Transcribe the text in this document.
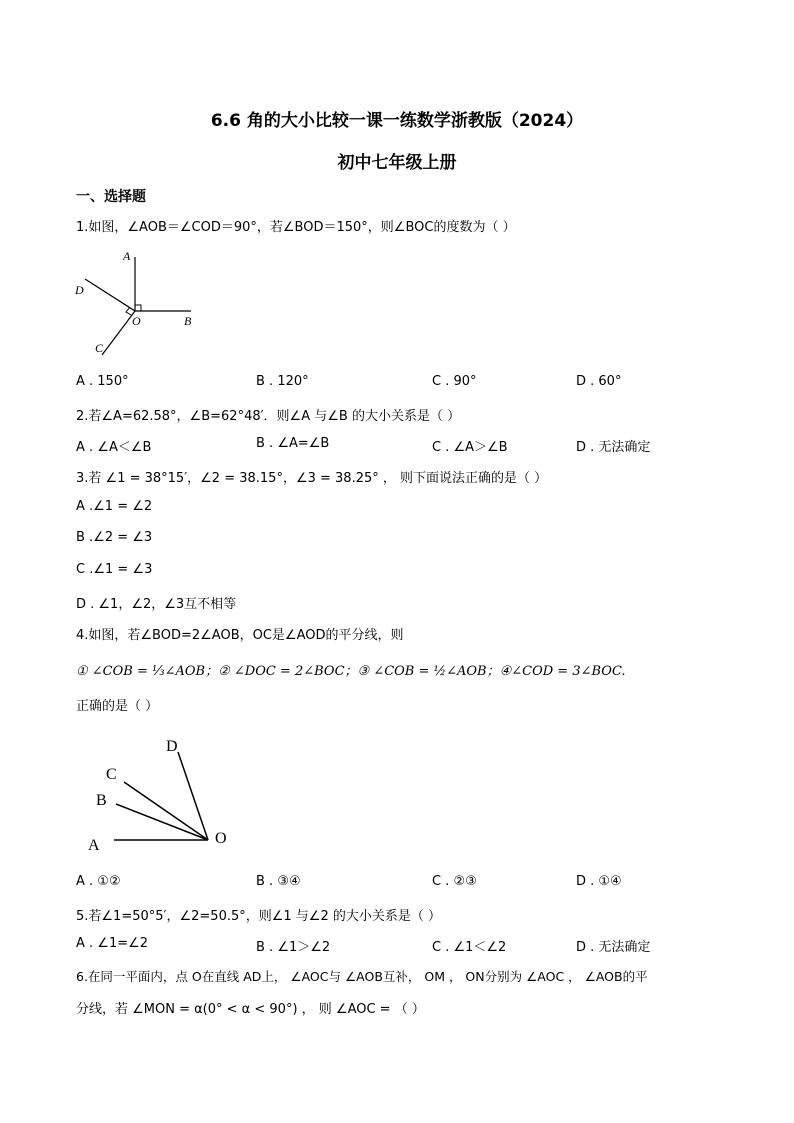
6.6 角的大小比较一课一练数学浙教版（2024）
初中七年级上册
一、选择题
1.如图，∠AOB＝∠COD＝90°，若∠BOD＝150°，则∠BOC的度数为（ ）
A
B
C
D
O
A . 150°	B . 120°	C . 90°	D . 60°
2.若∠A=62.58°，∠B=62°48′．则∠A 与∠B 的大小关系是（ ）
A . ∠A＜∠B	B . ∠A=∠B	C . ∠A＞∠B	D . 无法确定
3.若 ∠1 = 38°15′，∠2 = 38.15°，∠3 = 38.25° ， 则下面说法正确的是（ ）
A .∠1 = ∠2
B .∠2 = ∠3
C .∠1 = ∠3
D . ∠1，∠2，∠3互不相等
4.如图，若∠BOD=2∠AOB，OC是∠AOD的平分线，则
① ∠COB = ⅓∠AOB；② ∠DOC = 2∠BOC；③ ∠COB = ½∠AOB；④∠COD = 3∠BOC.
正确的是（ ）
A
B
C
D
O
A . ①②	B . ③④	C . ②③	D . ①④
5.若∠1=50°5′，∠2=50.5°，则∠1 与∠2 的大小关系是（ ）
A . ∠1=∠2	B . ∠1＞∠2	C . ∠1＜∠2	D . 无法确定
6.在同一平面内，点 O在直线 AD上， ∠AOC与 ∠AOB互补， OM ， ON分别为 ∠AOC ， ∠AOB的平
分线，若 ∠MON = α(0° < α < 90°) ， 则 ∠AOC = （ ）
